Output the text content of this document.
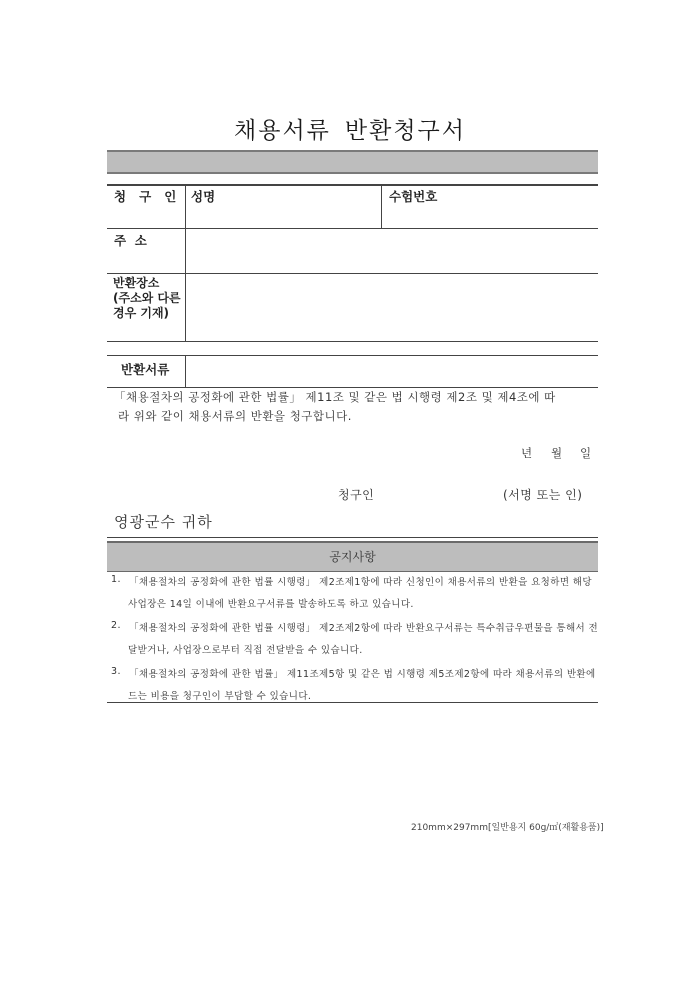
채용서류 반환청구서
청   구   인 성명	수험번호
주  소
반환장소
(주소와 다른
경우 기재)
반환서류
「채용절차의 공정화에 관한 법률」 제11조 및 같은 법 시행령 제2조 및 제4조에 따
라 위와 같이 채용서류의 반환을 청구합니다.
년 월 일
청구인	(서명 또는 인)
영광군수 귀하
공지사항
1. 「채용절차의 공정화에 관한 법률 시행령」 제2조제1항에 따라 신청인이 채용서류의 반환을 요청하면 해당
사업장은 14일 이내에 반환요구서류를 발송하도록 하고 있습니다.
2. 「채용절차의 공정화에 관한 법률 시행령」 제2조제2항에 따라 반환요구서류는 특수취급우편물을 통해서 전
달받거나, 사업장으로부터 직접 전달받을 수 있습니다.
3. 「채용절차의 공정화에 관한 법률」 제11조제5항 및 같은 법 시행령 제5조제2항에 따라 채용서류의 반환에
드는 비용을 청구인이 부담할 수 있습니다.
210mm×297mm[일반용지 60g/㎡(재활용품)]
